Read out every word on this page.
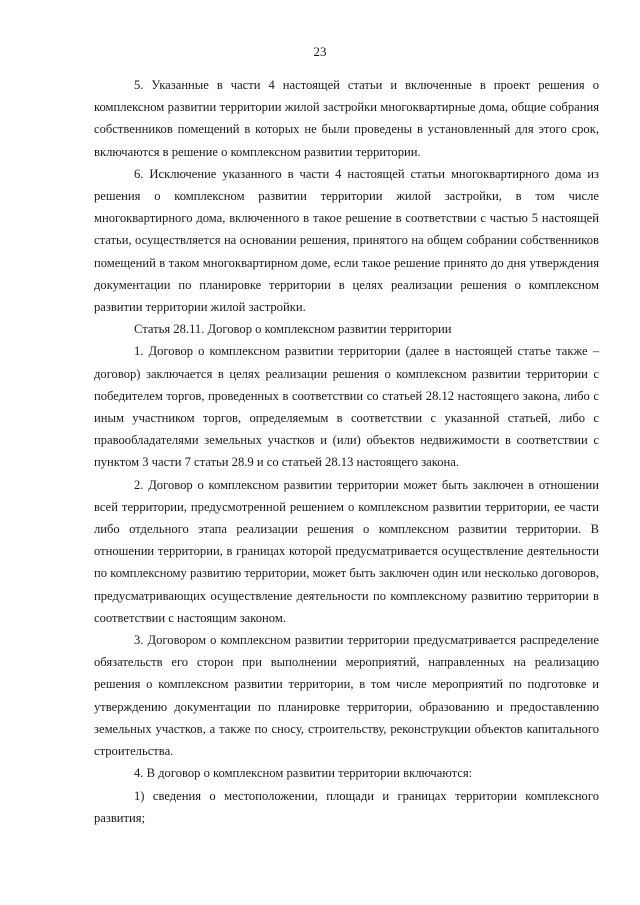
23

5. Указанные в части 4 настоящей статьи и включенные в проект решения о комплексном развитии территории жилой застройки многоквартирные дома, общие собрания собственников помещений в которых не были проведены в установленный для этого срок, включаются в решение о комплексном развитии территории.

6. Исключение указанного в части 4 настоящей статьи многоквартирного дома из решения о комплексном развитии территории жилой застройки, в том числе многоквартирного дома, включенного в такое решение в соответствии с частью 5 настоящей статьи, осуществляется на основании решения, принятого на общем собрании собственников помещений в таком многоквартирном доме, если такое решение принято до дня утверждения документации по планировке территории в целях реализации решения о комплексном развитии территории жилой застройки.

Статья 28.11. Договор о комплексном развитии территории

1. Договор о комплексном развитии территории (далее в настоящей статье также – договор) заключается в целях реализации решения о комплексном развитии территории с победителем торгов, проведенных в соответствии со статьей 28.12 настоящего закона, либо с иным участником торгов, определяемым в соответствии с указанной статьей, либо с правообладателями земельных участков и (или) объектов недвижимости в соответствии с пунктом 3 части 7 статьи 28.9 и со статьей 28.13 настоящего закона.

2. Договор о комплексном развитии территории может быть заключен в отношении всей территории, предусмотренной решением о комплексном развитии территории, ее части либо отдельного этапа реализации решения о комплексном развитии территории. В отношении территории, в границах которой предусматривается осуществление деятельности по комплексному развитию территории, может быть заключен один или несколько договоров, предусматривающих осуществление деятельности по комплексному развитию территории в соответствии с настоящим законом.

3. Договором о комплексном развитии территории предусматривается распределение обязательств его сторон при выполнении мероприятий, направленных на реализацию решения о комплексном развитии территории, в том числе мероприятий по подготовке и утверждению документации по планировке территории, образованию и предоставлению земельных участков, а также по сносу, строительству, реконструкции объектов капитального строительства.

4. В договор о комплексном развитии территории включаются:

1) сведения о местоположении, площади и границах территории комплексного развития;
